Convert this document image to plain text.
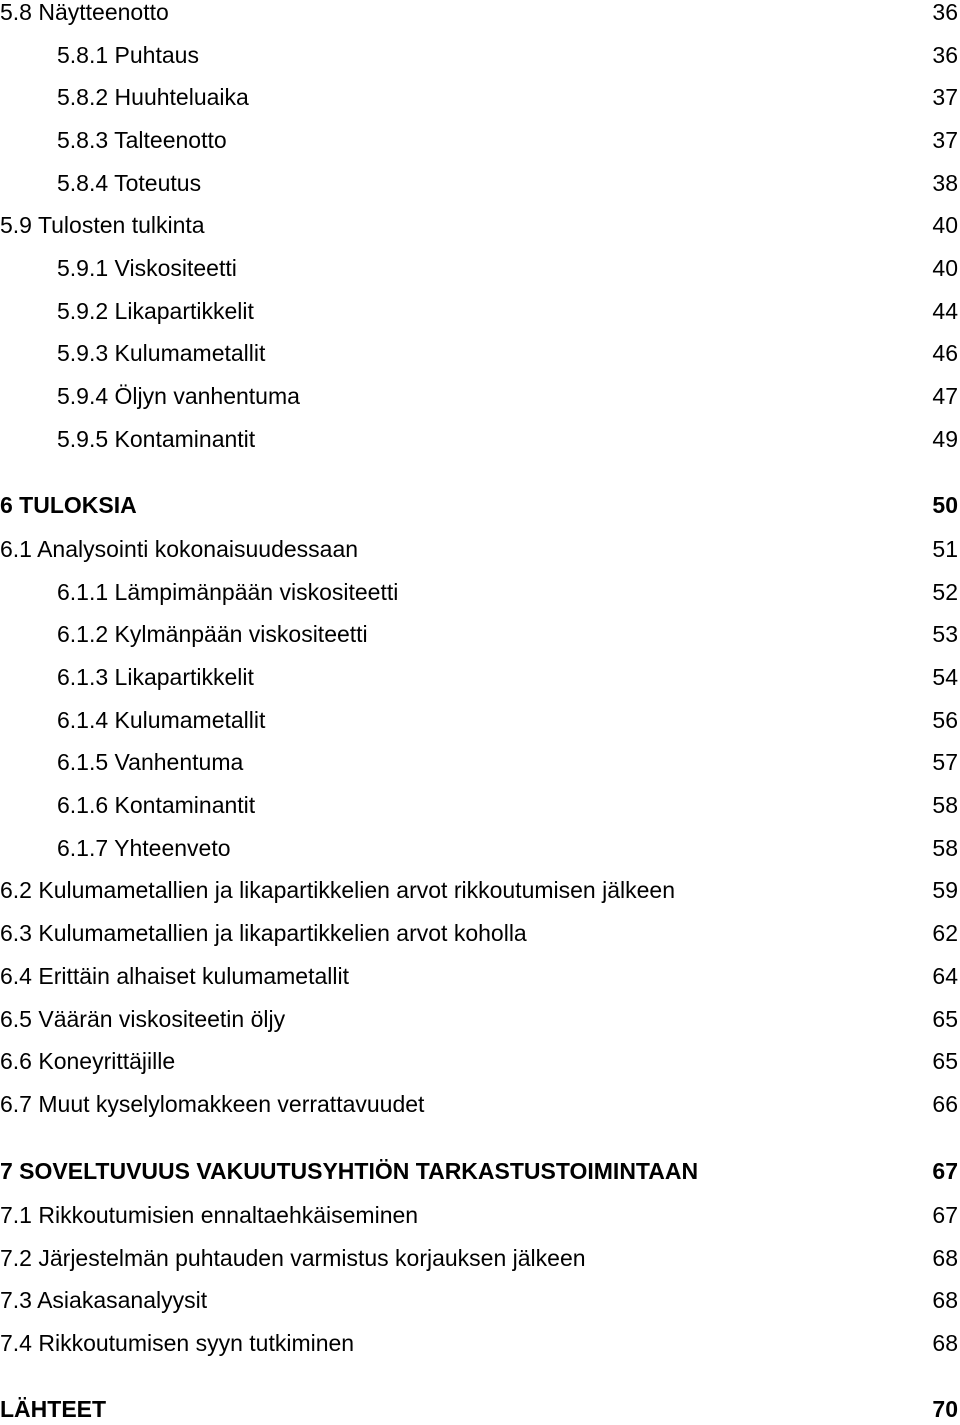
5.8 Näytteenotto	36
5.8.1 Puhtaus	36
5.8.2 Huuhteluaika	37
5.8.3 Talteenotto	37
5.8.4 Toteutus	38
5.9 Tulosten tulkinta	40
5.9.1 Viskositeetti	40
5.9.2 Likapartikkelit	44
5.9.3 Kulumametallit	46
5.9.4 Öljyn vanhentuma	47
5.9.5 Kontaminantit	49
6 TULOKSIA	50
6.1 Analysointi kokonaisuudessaan	51
6.1.1 Lämpimänpään viskositeetti	52
6.1.2 Kylmänpään viskositeetti	53
6.1.3 Likapartikkelit	54
6.1.4 Kulumametallit	56
6.1.5 Vanhentuma	57
6.1.6 Kontaminantit	58
6.1.7 Yhteenveto	58
6.2 Kulumametallien ja likapartikkelien arvot rikkoutumisen jälkeen	59
6.3 Kulumametallien ja likapartikkelien arvot koholla	62
6.4 Erittäin alhaiset kulumametallit	64
6.5 Väärän viskositeetin öljy	65
6.6 Koneyrittäjille	65
6.7 Muut kyselylomakkeen verrattavuudet	66
7 SOVELTUVUUS VAKUUTUSYHTIÖN TARKASTUSTOIMINTAAN	67
7.1 Rikkoutumisien ennaltaehkäiseminen	67
7.2 Järjestelmän puhtauden varmistus korjauksen jälkeen	68
7.3 Asiakasanalyysit	68
7.4 Rikkoutumisen syyn tutkiminen	68
LÄHTEET	70
